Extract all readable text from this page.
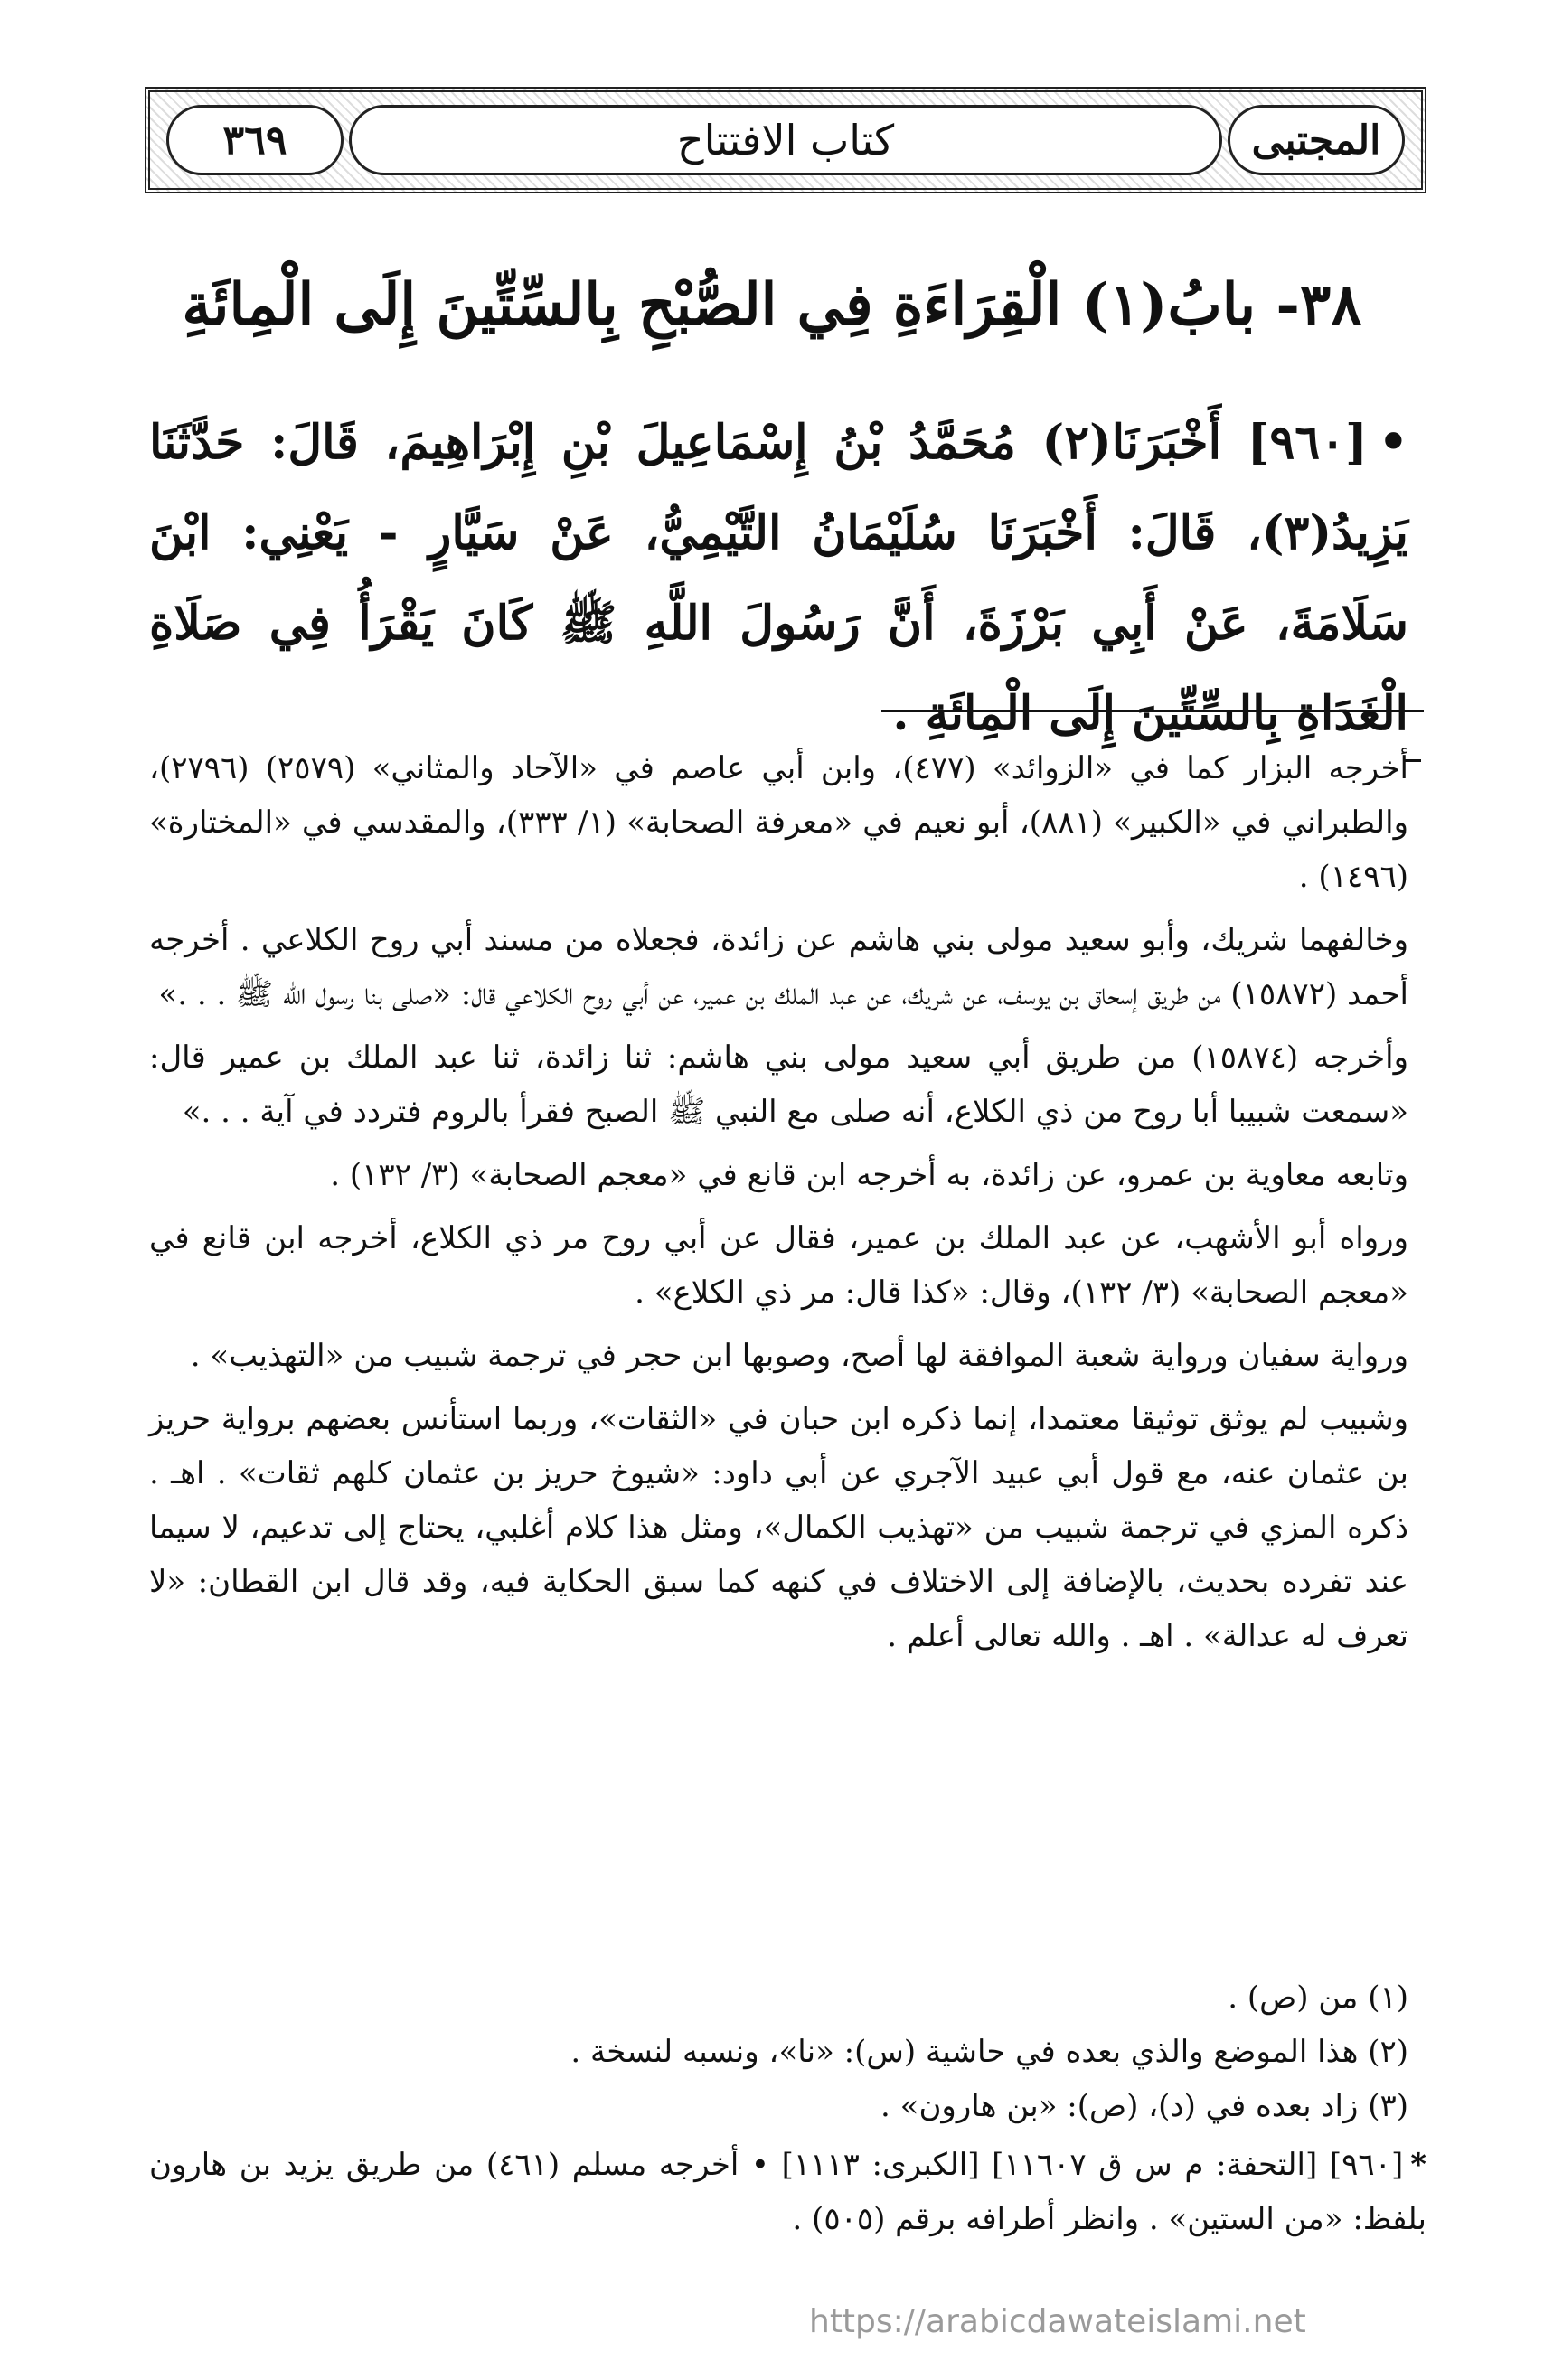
المجتبى
كتاب الافتتاح
٣٦٩
٣٨- بابُ(١) الْقِرَاءَةِ فِي الصُّبْحِ بِالسِّتِّينَ إِلَى الْمِائَةِ
•[٩٦٠] أَخْبَرَنَا(٢) مُحَمَّدُ بْنُ إِسْمَاعِيلَ بْنِ إِبْرَاهِيمَ، قَالَ: حَدَّثَنَا يَزِيدُ(٣)، قَالَ: أَخْبَرَنَا سُلَيْمَانُ التَّيْمِيُّ، عَنْ سَيَّارٍ - يَعْنِي: ابْنَ سَلَامَةَ، عَنْ أَبِي بَرْزَةَ، أَنَّ رَسُولَ اللَّهِ ﷺ كَانَ يَقْرَأُ فِي صَلَاةِ الْغَدَاةِ بِالسِّتِّينَ إِلَى الْمِائَةِ .

أخرجه البزار كما في «الزوائد» (٤٧٧)، وابن أبي عاصم في «الآحاد والمثاني» (٢٥٧٩) (٢٧٩٦)، والطبراني في «الكبير» (٨٨١)، أبو نعيم في «معرفة الصحابة» (١/ ٣٣٣)، والمقدسي في «المختارة» (١٤٩٦) .

وخالفهما شريك، وأبو سعيد مولى بني هاشم عن زائدة، فجعلاه من مسند أبي روح الكلاعي . أخرجه أحمد (١٥٨٧٢) من طريق إسحاق بن يوسف، عن شريك، عن عبد الملك بن عمير، عن أبي روح الكلاعي قال: «صلى بنا رسول الله ﷺ . . .»

وأخرجه (١٥٨٧٤) من طريق أبي سعيد مولى بني هاشم: ثنا زائدة، ثنا عبد الملك بن عمير قال: «سمعت شبيبا أبا روح من ذي الكلاع، أنه صلى مع النبي ﷺ الصبح فقرأ بالروم فتردد في آية . . .»

وتابعه معاوية بن عمرو، عن زائدة، به أخرجه ابن قانع في «معجم الصحابة» (٣/ ١٣٢) .

ورواه أبو الأشهب، عن عبد الملك بن عمير، فقال عن أبي روح مر ذي الكلاع، أخرجه ابن قانع في «معجم الصحابة» (٣/ ١٣٢)، وقال: «كذا قال: مر ذي الكلاع» .

ورواية سفيان ورواية شعبة الموافقة لها أصح، وصوبها ابن حجر في ترجمة شبيب من «التهذيب» .

وشبيب لم يوثق توثيقا معتمدا، إنما ذكره ابن حبان في «الثقات»، وربما استأنس بعضهم برواية حريز بن عثمان عنه، مع قول أبي عبيد الآجري عن أبي داود: «شيوخ حريز بن عثمان كلهم ثقات» . اهـ . ذكره المزي في ترجمة شبيب من «تهذيب الكمال»، ومثل هذا كلام أغلبي، يحتاج إلى تدعيم، لا سيما عند تفرده بحديث، بالإضافة إلى الاختلاف في كنهه كما سبق الحكاية فيه، وقد قال ابن القطان: «لا تعرف له عدالة» . اهـ . والله تعالى أعلم .

(١) من (ص) .

(٢) هذا الموضع والذي بعده في حاشية (س): «نا»، ونسبه لنسخة .

(٣) زاد بعده في (د)، (ص): «بن هارون» .

*[٩٦٠] [التحفة: م س ق ١١٦٠٧] [الكبرى: ١١١٣] • أخرجه مسلم (٤٦١) من طريق يزيد بن هارون بلفظ: «من الستين» . وانظر أطرافه برقم (٥٠٥) .
https://arabicdawateislami.net
